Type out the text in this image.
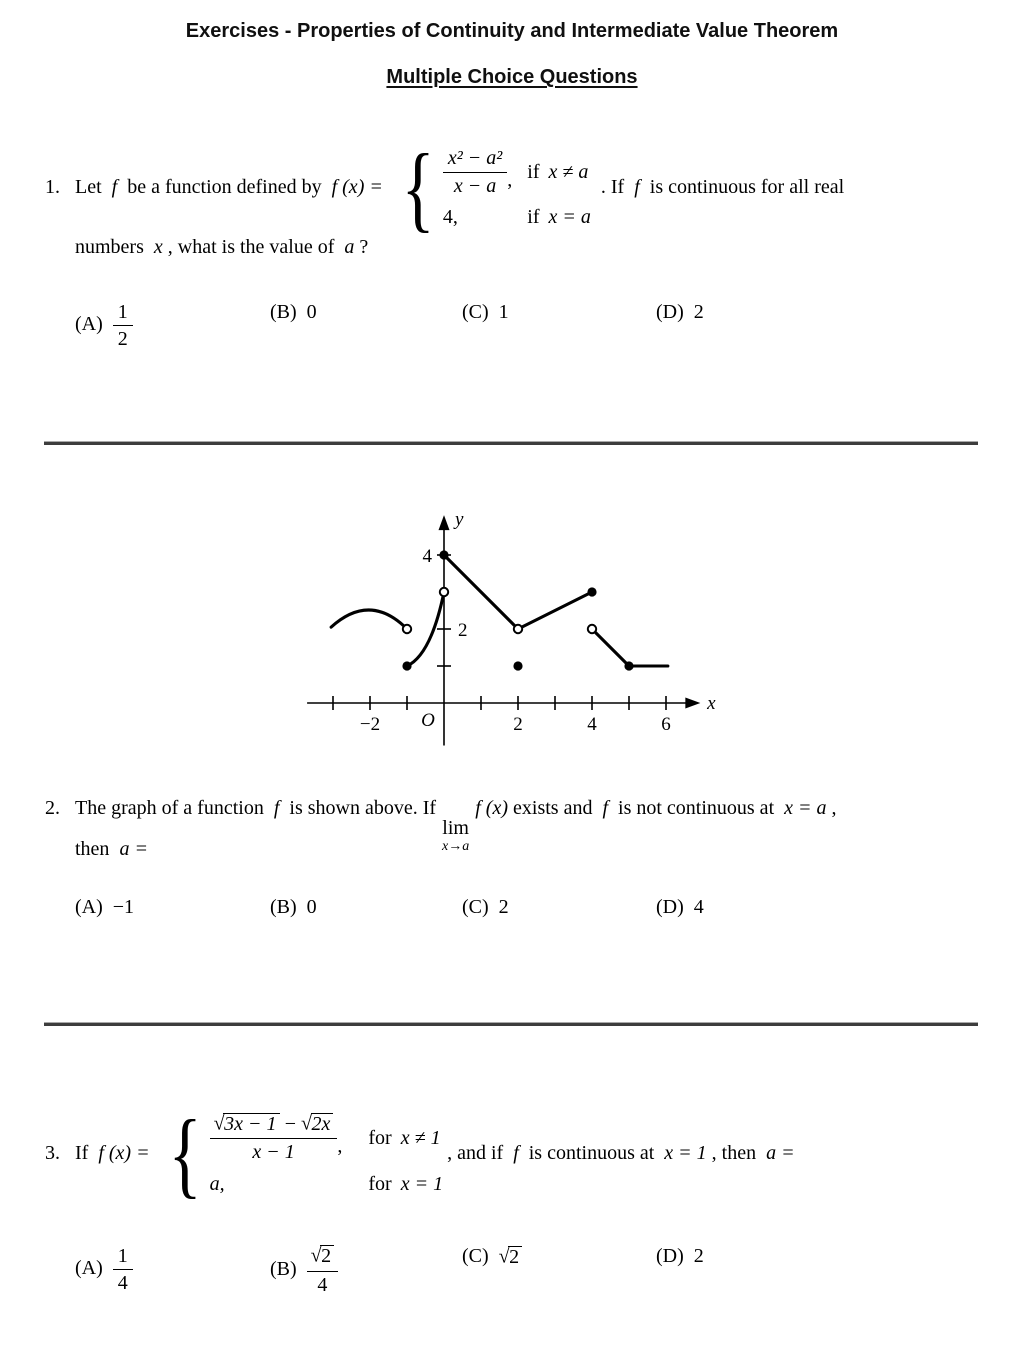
Exercises - Properties of Continuity and Intermediate Value Theorem
Multiple Choice Questions
1. Let f be a function defined by f (x) = { $\frac{\text{x² − a²}}{x - a}$ , if x ≠ a
4,	if x = a
. If f is continuous for all real
numbers x , what is the value of a ?
$(A) \frac{1}{2}$	(B) 0	(C) 1	(D) 2
−2	2	4	6
4
2
O
x
y
2. The graph of a function f is shown above. If
lim
x→a
f (x) exists and f is not continuous at x = a ,
then a =
(A) −1	(B) 0	(C) 2	(D) 4
3. If f (x) = { $\frac{√ 3x - 1 - √ 2x}{x - 1}$ , for x ≠ 1
a,	for x = 1
, and if f is continuous at x = 1 , then a =
$(A) \frac{1}{4}$	$(B) \frac{√ 2}{4}$	(C) √ 2	(D) 2
